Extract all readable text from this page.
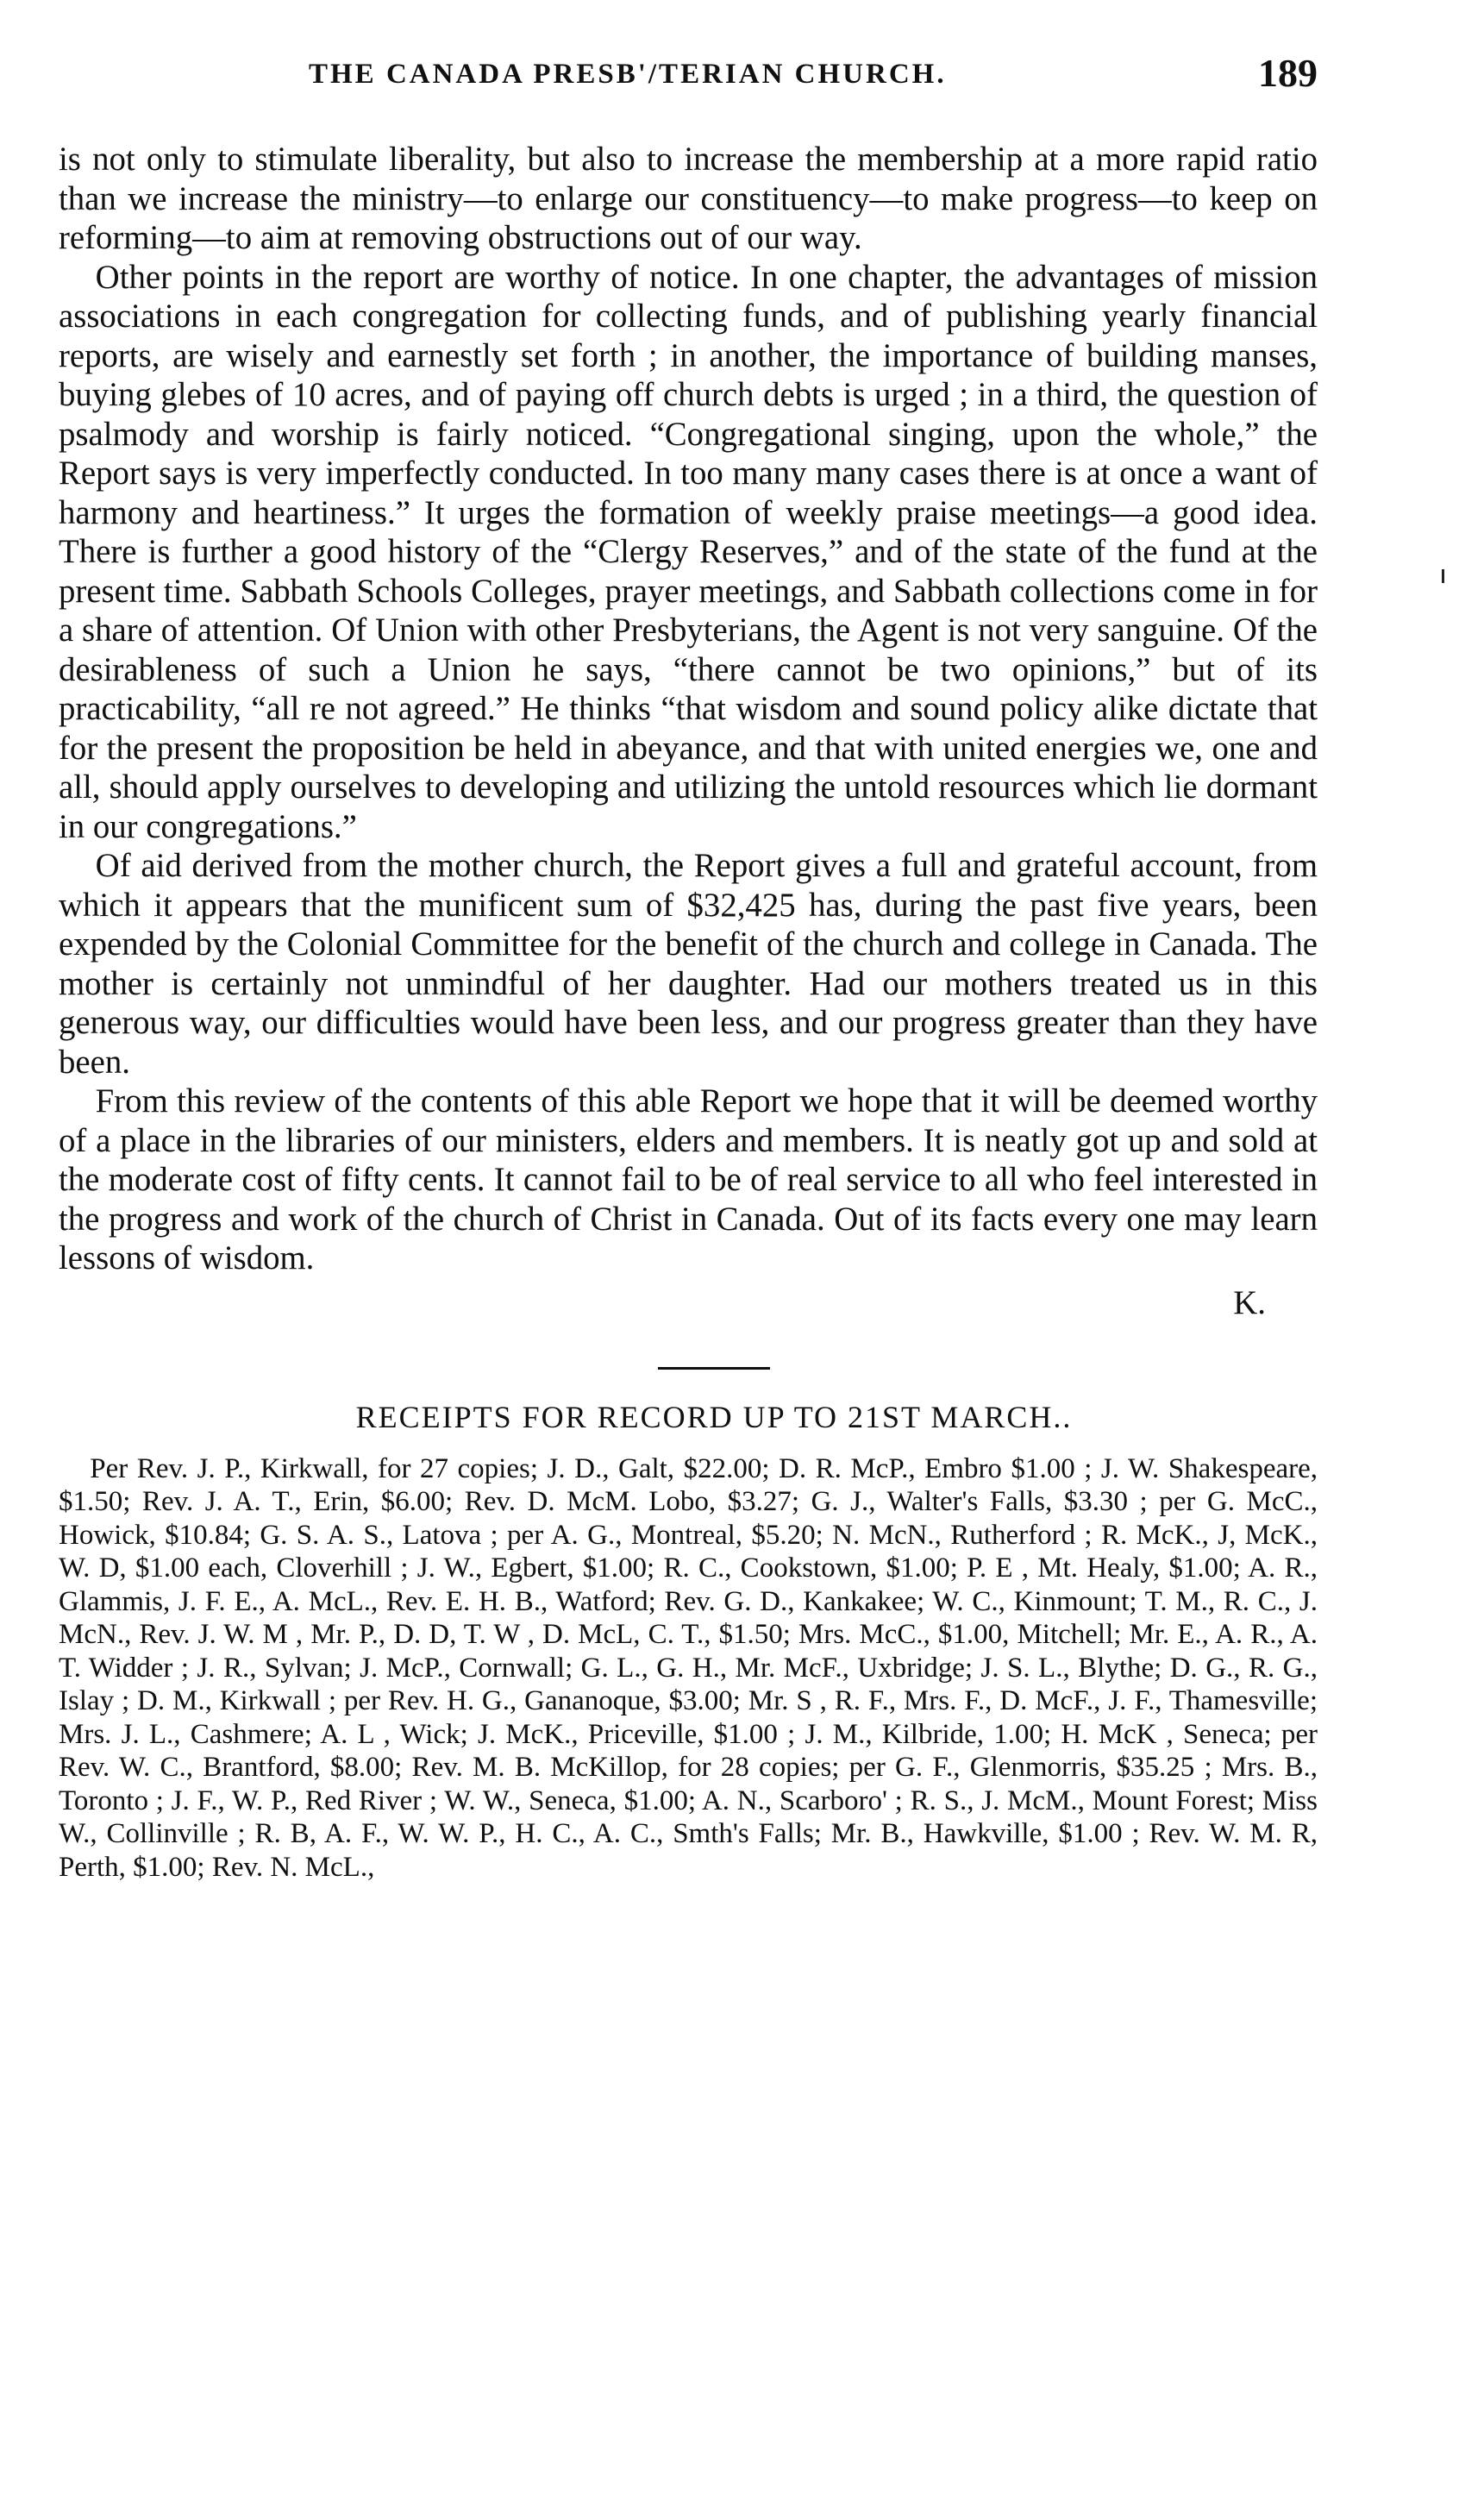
THE CANADA PRESB'/TERIAN CHURCH.	189

is not only to stimulate liberality, but also to increase the membership at a more rapid ratio than we increase the ministry—to enlarge our constituency—to make progress—to keep on reforming—to aim at removing obstructions out of our way.

Other points in the report are worthy of notice. In one chapter, the advantages of mission associations in each congregation for collecting funds, and of publishing yearly financial reports, are wisely and earnestly set forth ; in another, the importance of building manses, buying glebes of 10 acres, and of paying off church debts is urged ; in a third, the question of psalmody and worship is fairly noticed. “Congregational singing, upon the whole,” the Report says is very imperfectly conducted. In too many many cases there is at once a want of harmony and heartiness.” It urges the formation of weekly praise meetings—a good idea. There is further a good history of the “Clergy Reserves,” and of the state of the fund at the present time. Sabbath Schools Colleges, prayer meetings, and Sabbath collections come in for a share of attention. Of Union with other Presbyterians, the Agent is not very sanguine. Of the desirableness of such a Union he says, “there cannot be two opinions,” but of its practicability, “all re not agreed.” He thinks “that wisdom and sound policy alike dictate that for the present the proposition be held in abeyance, and that with united energies we, one and all, should apply ourselves to developing and utilizing the untold resources which lie dormant in our congregations.”

Of aid derived from the mother church, the Report gives a full and grateful account, from which it appears that the munificent sum of $32,425 has, during the past five years, been expended by the Colonial Committee for the benefit of the church and college in Canada. The mother is certainly not unmindful of her daughter. Had our mothers treated us in this generous way, our difficulties would have been less, and our progress greater than they have been.

From this review of the contents of this able Report we hope that it will be deemed worthy of a place in the libraries of our ministers, elders and members. It is neatly got up and sold at the moderate cost of fifty cents. It cannot fail to be of real service to all who feel interested in the progress and work of the church of Christ in Canada. Out of its facts every one may learn lessons of wisdom.

K.
RECEIPTS FOR RECORD UP TO 21ST MARCH..

Per Rev. J. P., Kirkwall, for 27 copies; J. D., Galt, $22.00; D. R. McP., Embro $1.00 ; J. W. Shakespeare, $1.50; Rev. J. A. T., Erin, $6.00; Rev. D. McM. Lobo, $3.27; G. J., Walter's Falls, $3.30 ; per G. McC., Howick, $10.84; G. S. A. S., Latova ; per A. G., Montreal, $5.20; N. McN., Rutherford ; R. McK., J, McK., W. D, $1.00 each, Cloverhill ; J. W., Egbert, $1.00; R. C., Cookstown, $1.00; P. E , Mt. Healy, $1.00; A. R., Glammis, J. F. E., A. McL., Rev. E. H. B., Watford; Rev. G. D., Kankakee; W. C., Kinmount; T. M., R. C., J. McN., Rev. J. W. M , Mr. P., D. D, T. W , D. McL, C. T., $1.50; Mrs. McC., $1.00, Mitchell; Mr. E., A. R., A. T. Widder ; J. R., Sylvan; J. McP., Cornwall; G. L., G. H., Mr. McF., Uxbridge; J. S. L., Blythe; D. G., R. G., Islay ; D. M., Kirkwall ; per Rev. H. G., Gananoque, $3.00; Mr. S , R. F., Mrs. F., D. McF., J. F., Thamesville; Mrs. J. L., Cashmere; A. L , Wick; J. McK., Priceville, $1.00 ; J. M., Kilbride, 1.00; H. McK , Seneca; per Rev. W. C., Brantford, $8.00; Rev. M. B. McKillop, for 28 copies; per G. F., Glenmorris, $35.25 ; Mrs. B., Toronto ; J. F., W. P., Red River ; W. W., Seneca, $1.00; A. N., Scarboro' ; R. S., J. McM., Mount Forest; Miss W., Collinville ; R. B, A. F., W. W. P., H. C., A. C., Smth's Falls; Mr. B., Hawkville, $1.00 ; Rev. W. M. R, Perth, $1.00; Rev. N. McL.,
